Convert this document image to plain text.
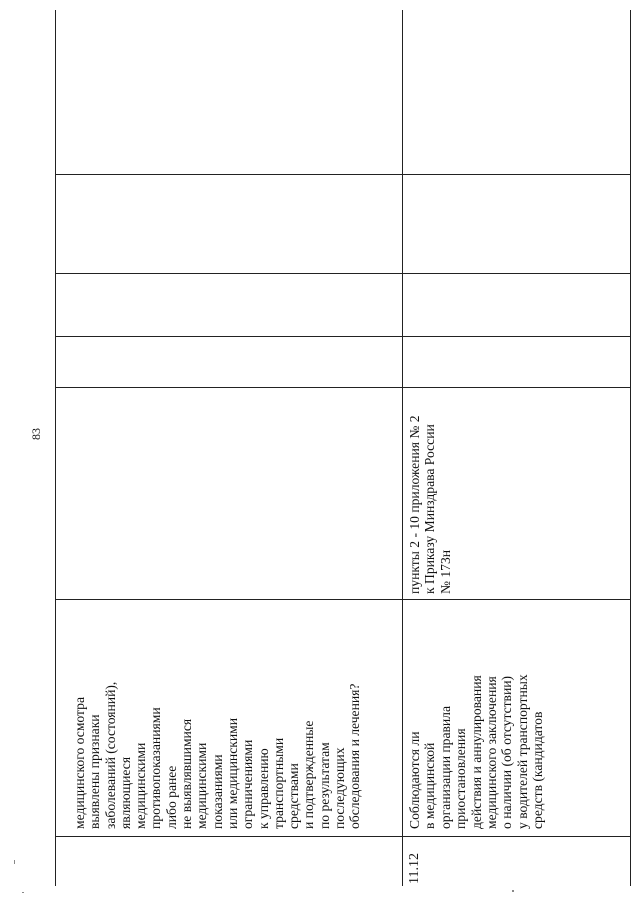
83
медицинского осмотра выявлены признаки заболеваний (состояний), являющиеся медицинскими противопоказаниями либо ранее не выявлявшимися медицинскими показаниями или медицинскими ограничениями к управлению транспортными средствами и подтвержденные по результатам последующих обследования и лечения?
11.12
Соблюдаются ли в медицинской организации правила приостановления действия и аннулирования медицинского заключения о наличии (об отсутствии) у водителей транспортных средств (кандидатов
пункты 2 - 10 приложения № 2 к Приказу Минздрава России № 173н
